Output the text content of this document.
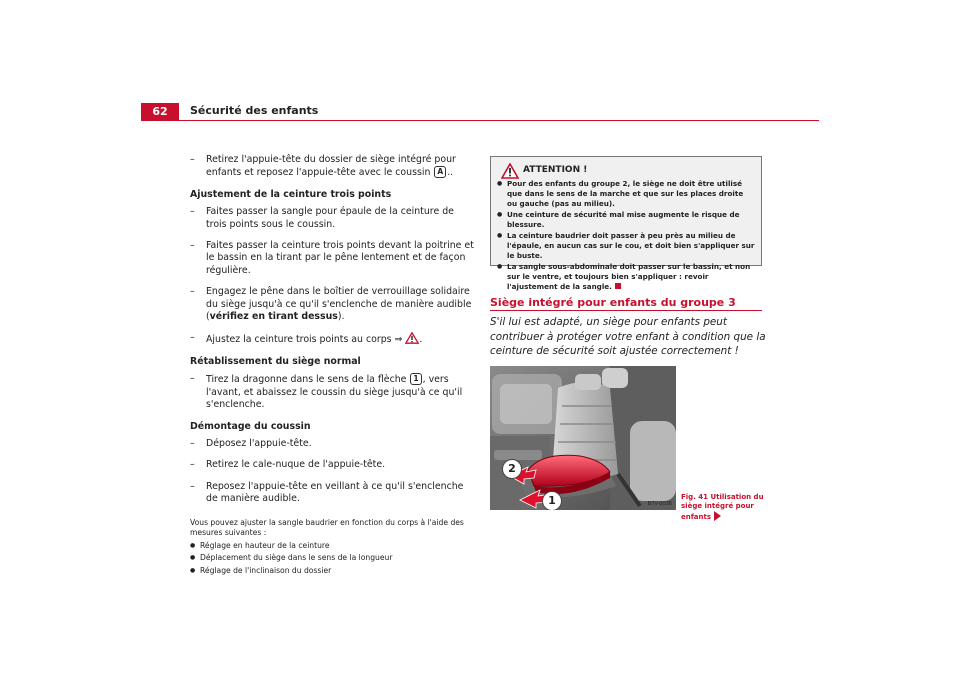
62	Sécurité des enfants
– Retirez l'appuie-tête du dossier de siège intégré pour enfants et reposez l'appuie-tête avec le coussin A ..
Ajustement de la ceinture trois points
– Faites passer la sangle pour épaule de la ceinture de trois points sous le coussin.
– Faites passer la ceinture trois points devant la poitrine et le bassin en la tirant par le pêne lentement et de façon régulière.
– Engagez le pêne dans le boîtier de verrouillage solidaire du siège jusqu'à ce qu'il s'enclenche de manière audible (vérifiez en tirant dessus).
– Ajustez la ceinture trois points au corps ⇒ .
Rétablissement du siège normal
– Tirez la dragonne dans le sens de la flèche 1 , vers l'avant, et abaissez le coussin du siège jusqu'à ce qu'il s'enclenche.
Démontage du coussin
– Déposez l'appuie-tête.
– Retirez le cale-nuque de l'appuie-tête.
– Reposez l'appuie-tête en veillant à ce qu'il s'enclenche de manière audible.
Vous pouvez ajuster la sangle baudrier en fonction du corps à l'aide des mesures suivantes :
● Réglage en hauteur de la ceinture
● Déplacement du siège dans le sens de la longueur
● Réglage de l'inclinaison du dossier
ATTENTION !
● Pour des enfants du groupe 2, le siège ne doit être utilisé que dans le sens de la marche et que sur les places droite ou gauche (pas au milieu).
● Une ceinture de sécurité mal mise augmente le risque de blessure.
● La ceinture baudrier doit passer à peu près au milieu de l'épaule, en aucun cas sur le cou, et doit bien s'appliquer sur le buste.
● La sangle sous-abdominale doit passer sur le bassin, et non sur le ventre, et toujours bien s'appliquer : revoir l'ajustement de la sangle.
Siège intégré pour enfants du groupe 3
S'il lui est adapté, un siège pour enfants peut contribuer à protéger votre enfant à condition que la ceinture de sécurité soit ajustée correctement !
2
1	B7V-0036
Fig. 41 Utilisation du
siège intégré pour enfants
